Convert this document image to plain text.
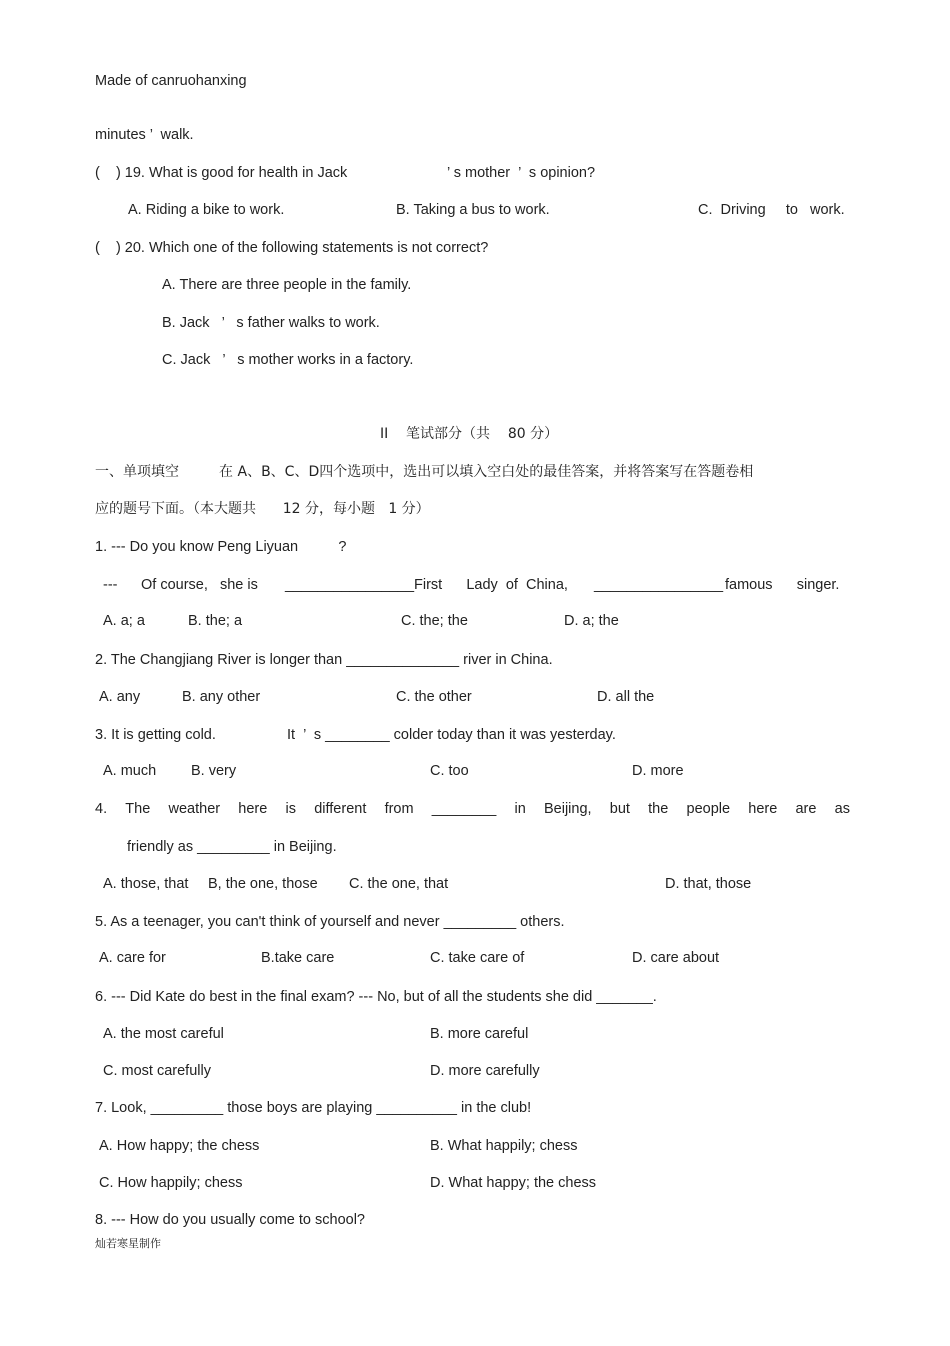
Made of canruohanxing
minutes ’  walk.
(    ) 19. What is good for health in Jack	’ s mother  ’  s opinion?
A. Riding a bike to work.	B. Taking a bus to work.	C.  Driving     to   work.
(    ) 20. Which one of the following statements is not correct?
A. There are three people in the family.
B. Jack   ’   s father walks to work.
C. Jack   ’   s mother works in a factory.
II    笔试部分（共    80 分）
一、单项填空         在 A、B、C、D四个选项中，选出可以填入空白处的最佳答案，并将答案写在答题卷相
应的题号下面。（本大题共      12 分，每小题   1 分）
1. --- Do you know Peng Liyuan          ?
--- Of course,   she is ________________ First      Lady  of  China, ________________ famous      singer.
A. a; a	B. the; a	C. the; the	D. a; the
2. The Changjiang River is longer than ______________ river in China.
A. any	B. any other	C. the other	D. all the
3. It is getting cold.	It  ’  s ________ colder today than it was yesterday.
A. much B. very	C. too	D. more
4. The weather here is different from ________ in Beijing, but the people here are as
friendly as _________ in Beijing.
A. those, that B, the one, those C. the one, that	D. that, those
5. As a teenager, you can't think of yourself and never _________ others.
A. care for	B.take care	C. take care of	D. care about
6. --- Did Kate do best in the final exam? --- No, but of all the students she did _______.
A. the most careful	B. more careful
C. most carefully	D. more carefully
7. Look, _________ those boys are playing __________ in the club!
A. How happy; the chess	B. What happily; chess
C. How happily; chess	D. What happy; the chess
8. --- How do you usually come to school?
灿若寒星制作
